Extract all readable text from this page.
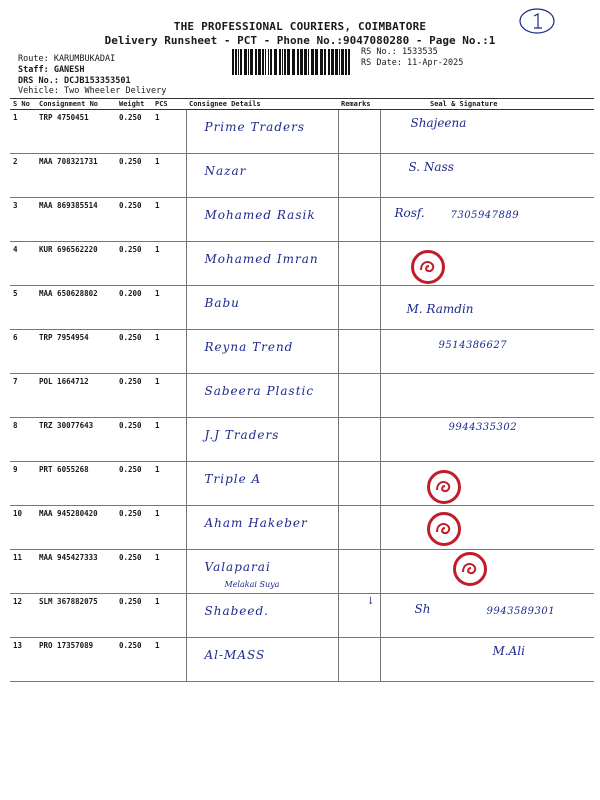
THE PROFESSIONAL COURIERS, COIMBATORE
Delivery Runsheet - PCT - Phone No.:9047080280 - Page No.:1
Route: KARUMBUKADAI
Staff: GANESH
DRS No.: DCJB153353501
Vehicle: Two Wheeler Delivery
RS No.: 1533535
RS Date: 11-Apr-2025
S No	Consignment No	Weight	PCS	Consignee Details	Remarks	Seal & Signature
1	TRP 4750451	0.250	1	Prime Traders		Shajeena

2	MAA 708321731	0.250	1	Nazar		S. Nass

3	MAA 869385514	0.250	1	Mohamed Rasik		Rosf. 7305947889

4	KUR 696562220	0.250	1	Mohamed Imran

5	MAA 650628802	0.200	1	Babu		M. Ramdin

6	TRP 7954954	0.250	1	Reyna Trend		9514386627

7	POL 1664712	0.250	1	Sabeera Plastic		

8	TRZ 30077643	0.250	1	J.J Traders		9944335302

9	PRT 6055268	0.250	1	Triple A

10	MAA 945280420	0.250	1	Aham Hakeber

11	MAA 945427333	0.250	1	Valaparai
Melakai Suya

12	SLM 367882075	0.250	1	Shabeed.	↓	Sh 9943589301

13	PRO 17357089	0.250	1	Al-MASS		M.Ali
